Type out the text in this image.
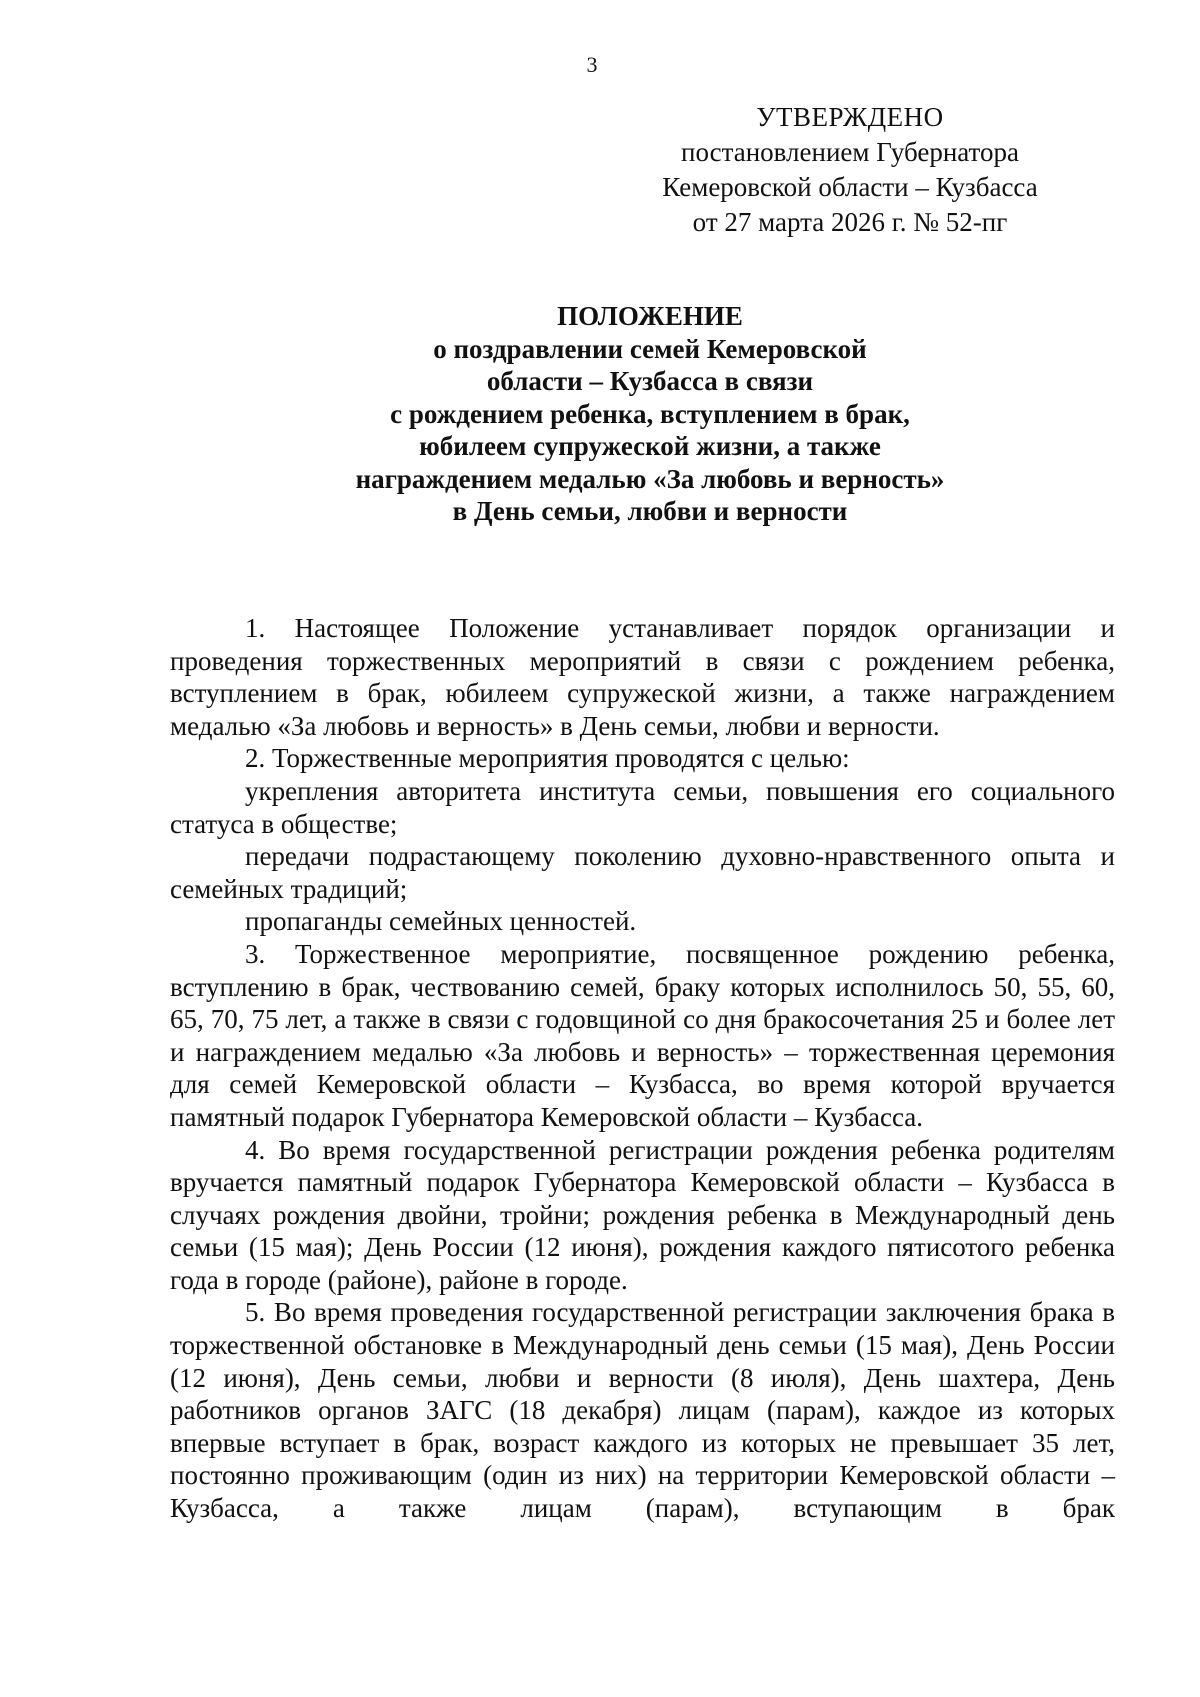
3
УТВЕРЖДЕНО
постановлением Губернатора
Кемеровской области – Кузбасса
от 27 марта 2026 г. № 52-пг
ПОЛОЖЕНИЕ
о поздравлении семей Кемеровской
области – Кузбасса в связи
с рождением ребенка, вступлением в брак,
юбилеем супружеской жизни, а также
награждением медалью «За любовь и верность»
в День семьи, любви и верности

1. Настоящее Положение устанавливает порядок организации и проведения торжественных мероприятий в связи с рождением ребенка, вступлением в брак, юбилеем супружеской жизни, а также награждением медалью «За любовь и верность» в День семьи, любви и верности.

2. Торжественные мероприятия проводятся с целью:

укрепления авторитета института семьи, повышения его социального статуса в обществе;

передачи подрастающему поколению духовно-нравственного опыта и семейных традиций;

пропаганды семейных ценностей.

3. Торжественное мероприятие, посвященное рождению ребенка, вступлению в брак, чествованию семей, браку которых исполнилось 50, 55, 60, 65, 70, 75 лет, а также в связи с годовщиной со дня бракосочетания 25 и более лет и награждением медалью «За любовь и верность» – торжественная церемония для семей Кемеровской области – Кузбасса, во время которой вручается памятный подарок Губернатора Кемеровской области – Кузбасса.

4. Во время государственной регистрации рождения ребенка родителям вручается памятный подарок Губернатора Кемеровской области – Кузбасса в случаях рождения двойни, тройни; рождения ребенка в Международный день семьи (15 мая); День России (12 июня), рождения каждого пятисотого ребенка года в городе (районе), районе в городе.

5. Во время проведения государственной регистрации заключения брака в торжественной обстановке в Международный день семьи (15 мая), День России (12 июня), День семьи, любви и верности (8 июля), День шахтера, День работников органов ЗАГС (18 декабря) лицам (парам), каждое из которых впервые вступает в брак, возраст каждого из которых не превышает 35 лет, постоянно проживающим (один из них) на территории Кемеровской области – Кузбасса, а также лицам (парам), вступающим в брак
